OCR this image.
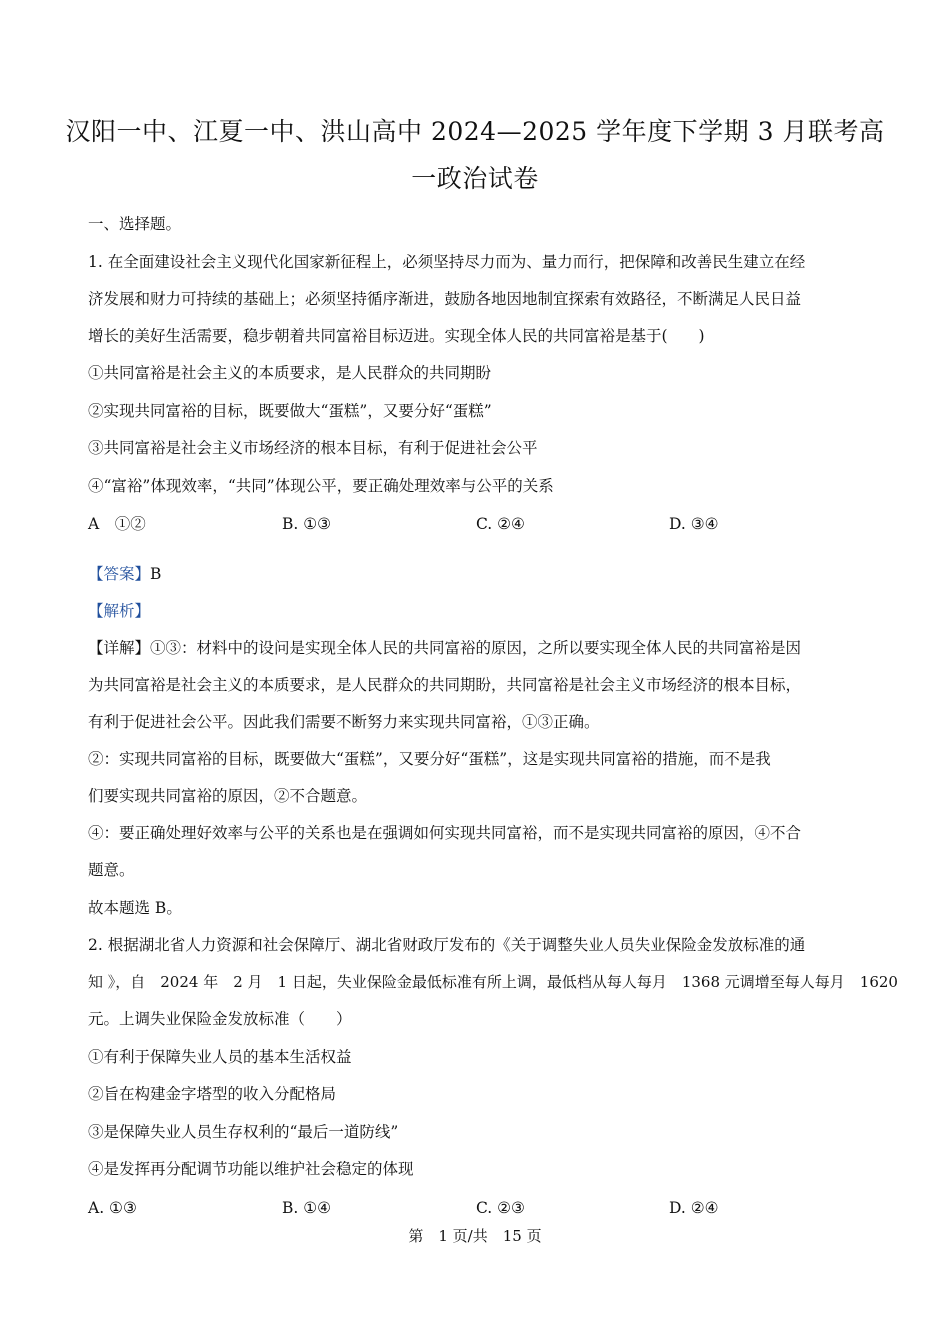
汉阳一中、江夏一中、洪山高中 2024—2025 学年度下学期 3 月联考高
一政治试卷
一、选择题。
1. 在全面建设社会主义现代化国家新征程上，必须坚持尽力而为、量力而行，把保障和改善民生建立在经
济发展和财力可持续的基础上；必须坚持循序渐进，鼓励各地因地制宜探索有效路径，不断满足人民日益
增长的美好生活需要，稳步朝着共同富裕目标迈进。实现全体人民的共同富裕是基于(　　)
①共同富裕是社会主义的本质要求，是人民群众的共同期盼
②实现共同富裕的目标，既要做大“蛋糕”，又要分好“蛋糕”
③共同富裕是社会主义市场经济的根本目标，有利于促进社会公平
④“富裕”体现效率，“共同”体现公平，要正确处理效率与公平的关系
A　①②	B. ①③	C. ②④	D. ③④
【答案】B
【解析】
【详解】①③：材料中的设问是实现全体人民的共同富裕的原因，之所以要实现全体人民的共同富裕是因
为共同富裕是社会主义的本质要求，是人民群众的共同期盼，共同富裕是社会主义市场经济的根本目标，
有利于促进社会公平。因此我们需要不断努力来实现共同富裕，①③正确。
②：实现共同富裕的目标，既要做大“蛋糕”，又要分好“蛋糕”，这是实现共同富裕的措施，而不是我
们要实现共同富裕的原因，②不合题意。
④：要正确处理好效率与公平的关系也是在强调如何实现共同富裕，而不是实现共同富裕的原因，④不合
题意。
故本题选 B。
2. 根据湖北省人力资源和社会保障厅、湖北省财政厅发布的《关于调整失业人员失业保险金发放标准的通
知 》，自　2024 年　2 月　1 日起，失业保险金最低标准有所上调，最低档从每人每月　1368 元调增至每人每月　1620
元。上调失业保险金发放标准（　　）
①有利于保障失业人员的基本生活权益
②旨在构建金字塔型的收入分配格局
③是保障失业人员生存权利的“最后一道防线”
④是发挥再分配调节功能以维护社会稳定的体现
A. ①③	B. ①④	C. ②③	D. ②④
第　1 页/共　15 页
